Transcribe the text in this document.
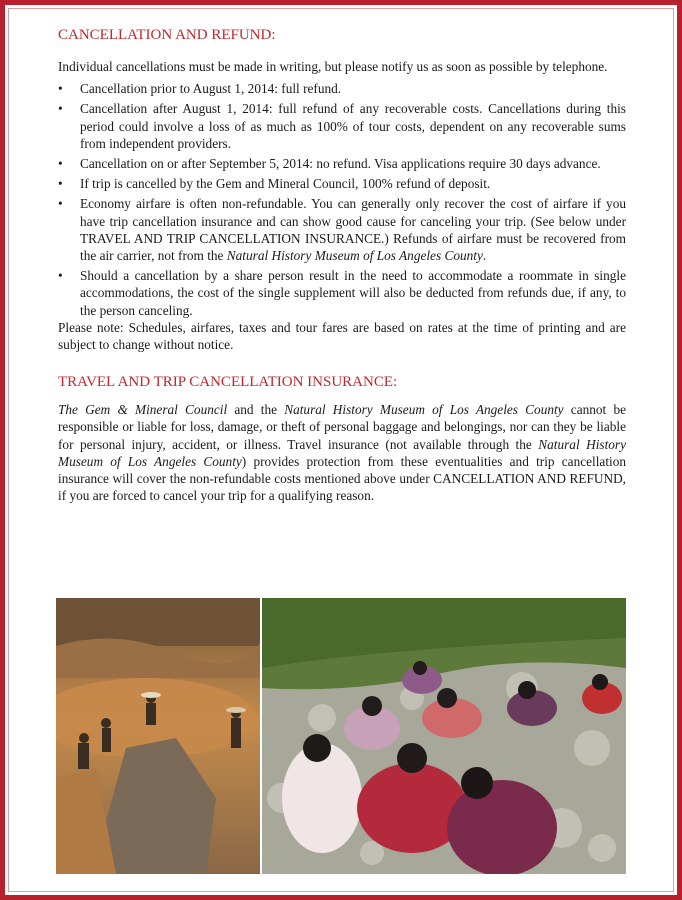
CANCELLATION AND REFUND:

Individual cancellations must be made in writing, but please notify us as soon as possible by telephone.

• Cancellation prior to August 1, 2014: full refund.
• Cancellation after August 1, 2014: full refund of any recoverable costs. Cancellations during this period could involve a loss of as much as 100% of tour costs, dependent on any recoverable sums from independent providers.
• Cancellation on or after September 5, 2014: no refund. Visa applications require 30 days advance.
• If trip is cancelled by the Gem and Mineral Council, 100% refund of deposit.
• Economy airfare is often non-refundable. You can generally only recover the cost of airfare if you have trip cancellation insurance and can show good cause for canceling your trip. (See below under TRAVEL AND TRIP CANCELLATION INSURANCE.) Refunds of airfare must be recovered from the air carrier, not from the Natural History Museum of Los Angeles County.
• Should a cancellation by a share person result in the need to accommodate a roommate in single accommodations, the cost of the single supplement will also be deducted from refunds due, if any, to the person canceling.

Please note: Schedules, airfares, taxes and tour fares are based on rates at the time of printing and are subject to change without notice.

TRAVEL AND TRIP CANCELLATION INSURANCE:

The Gem & Mineral Council and the Natural History Museum of Los Angeles County cannot be responsible or liable for loss, damage, or theft of personal baggage and belongings, nor can they be liable for personal injury, accident, or illness. Travel insurance (not available through the Natural History Museum of Los Angeles County) provides protection from these eventualities and trip cancellation insurance will cover the non-refundable costs mentioned above under CANCELLATION AND REFUND, if you are forced to cancel your trip for a qualifying reason.
